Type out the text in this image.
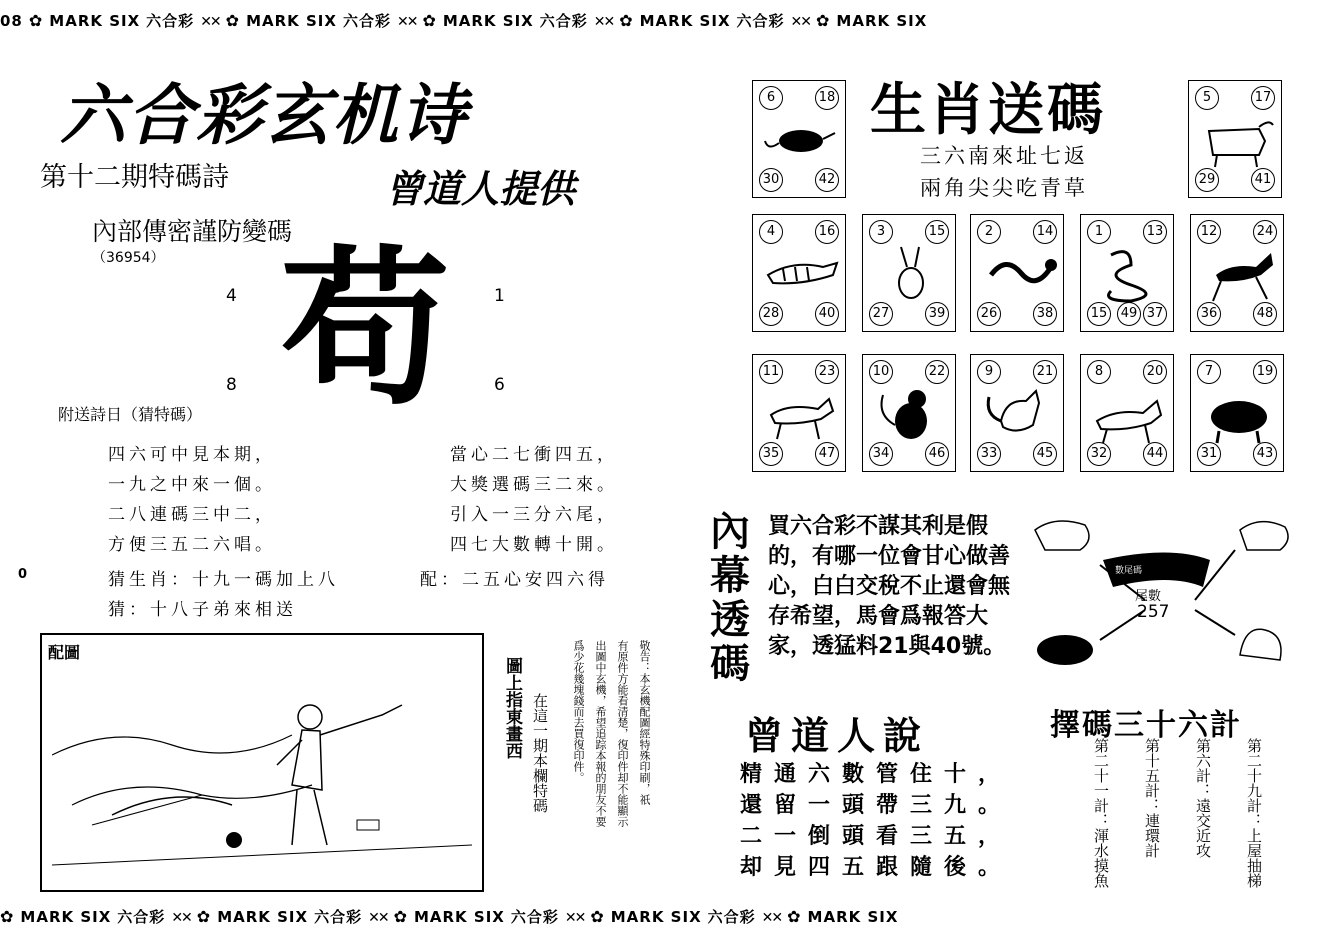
08 ✿ MARK SIX 六合彩 ✕✕ ✿ MARK SIX 六合彩 ✕✕ ✿ MARK SIX 六合彩 ✕✕ ✿ MARK SIX 六合彩 ✕✕ ✿ MARK SIX
✿ MARK SIX 六合彩 ✕✕ ✿ MARK SIX 六合彩 ✕✕ ✿ MARK SIX 六合彩 ✕✕ ✿ MARK SIX 六合彩 ✕✕ ✿ MARK SIX
六合彩玄机诗
第十二期特碼詩	曾道人提供
內部傳密謹防變碼
（36954）
4	1
8	6
苟
附送詩日（猜特碼）
四六可中見本期，
一九之中來一個。
二八連碼三中二，
方便三五二六唱。
當心二七衝四五，
大獎選碼三二來。
引入一三分六尾，
四七大數轉十開。
0	猜生肖：十九一碼加上八	配：二五心安四六得
猜：十八子弟來相送
配圖
圖上指東畫西 在這一期本欄特碼	敬告：本玄機配圖經特殊印刷，祇
有原件方能看清楚，復印件却不能顯示
出圖中玄機，希望追踪本報的朋友不要
爲少花幾塊錢而去買復印件。
生肖送碼
三六南來址七返
兩角尖尖吃青草
6	18
30	42
5	17
29	41
4	16
28	40
3	15
27	39
2	14
26	38
1	13
15	37
49
12	24
36	48
11	23
35	47
10	22
34	46
9	21
33	45
8	20
32	44
7	19
31	43
內
幕
透
碼
買六合彩不謀其利是假的，有哪一位會甘心做善心，白白交稅不止還會無存希望，馬會爲報答大家，透猛料21與40號。
曾道人說
精通六數管住十，
還留一頭帶三九。
二一倒頭看三五，
却見四五跟隨後。
數尾碼
尾數
257
擇碼三十六計
第二十九計：上屋抽梯
第六計：遠交近攻
第十五計：連環計
第二十一計：渾水摸魚
